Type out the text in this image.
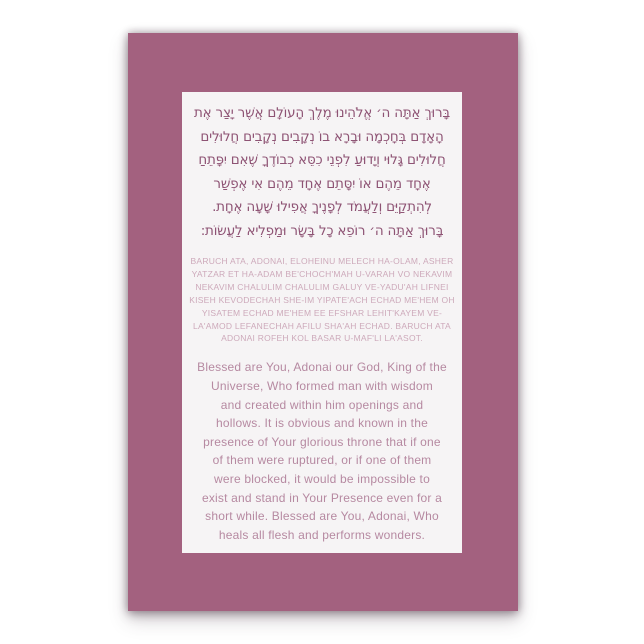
בָּרוּךְ אַתָּה ה׳ אֱלֹהֵינוּ מֶלֶךְ הָעוֹלָם אֲשֶׁר יָצַר אֶת
הָאָדָם בְּחָכְמָה וּבָרָא בוֹ נְקָבִים נְקָבִים חֲלוּלִים
חֲלוּלִים גָּלוּי וְיָדוּעַ לִפְנֵי כִסֵּא כְבוֹדֶךָ שֶׁאִם יִפָּתֵחַ
אֶחָד מֵהֶם אוֹ יִסָּתֵם אֶחָד מֵהֶם אִי אֶפְשַׁר
לְהִתְקַיֵּם וְלַעֲמֹד לְפָנֶיךָ אֲפִילוּ שָׁעָה אֶחָת.
בָּרוּךְ אַתָּה ה׳ רוֹפֵא כָל בָּשָׂר וּמַפְלִיא לַעֲשׂוֹת:
BARUCH ATA, ADONAI, ELOHEINU MELECH HA-OLAM, ASHER
YATZAR ET HA-ADAM BE'CHOCH'MAH U-VARAH VO NEKAVIM
NEKAVIM CHALULIM CHALULIM GALUY VE-YADU'AH LIFNEI
KISEH KEVODECHAH SHE-IM YIPATE'ACH ECHAD ME'HEM OH
YISATEM ECHAD ME'HEM EE EFSHAR LEHIT'KAYEM VE-
LA'AMOD LEFANECHAH AFILU SHA'AH ECHAD. BARUCH ATA
ADONAI ROFEH KOL BASAR U-MAF'LI LA'ASOT.
Blessed are You, Adonai our God, King of the
Universe, Who formed man with wisdom
and created within him openings and
hollows. It is obvious and known in the
presence of Your glorious throne that if one
of them were ruptured, or if one of them
were blocked, it would be impossible to
exist and stand in Your Presence even for a
short while. Blessed are You, Adonai, Who
heals all flesh and performs wonders.
